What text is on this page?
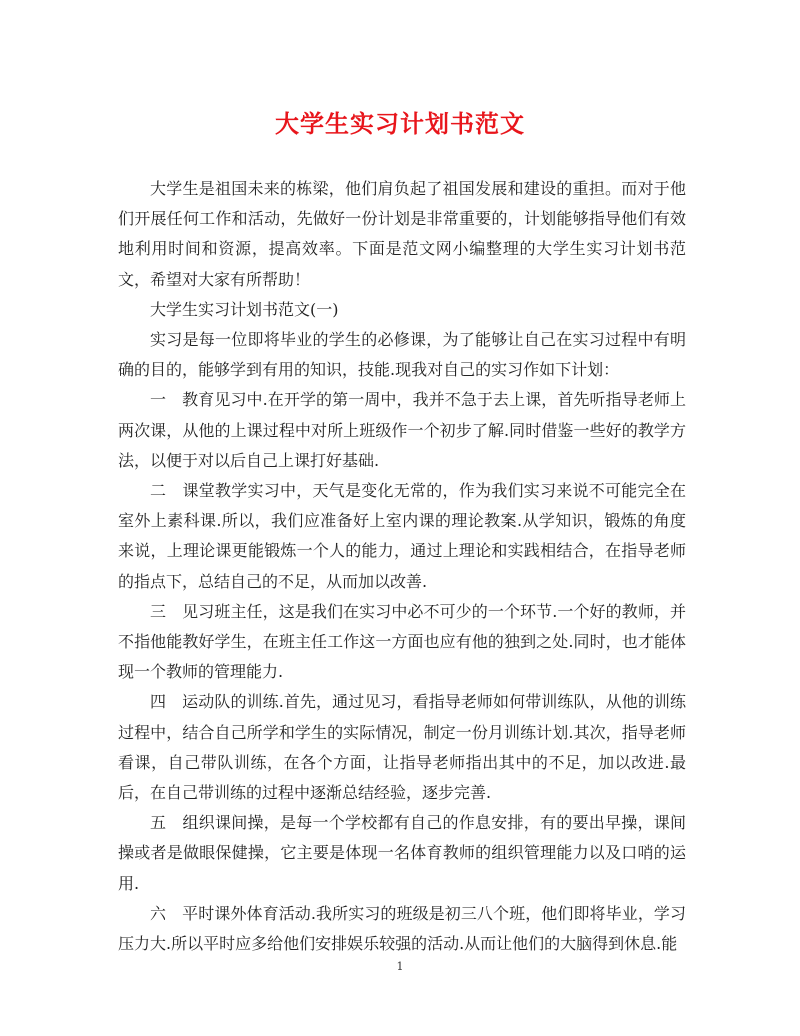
大学生实习计划书范文

大学生是祖国未来的栋梁，他们肩负起了祖国发展和建设的重担。而对于他们开展任何工作和活动，先做好一份计划是非常重要的，计划能够指导他们有效地利用时间和资源，提高效率。下面是范文网小编整理的大学生实习计划书范文，希望对大家有所帮助！

大学生实习计划书范文(一)

实习是每一位即将毕业的学生的必修课，为了能够让自己在实习过程中有明确的目的，能够学到有用的知识，技能.现我对自己的实习作如下计划：

一　教育见习中.在开学的第一周中，我并不急于去上课，首先听指导老师上两次课，从他的上课过程中对所上班级作一个初步了解.同时借鉴一些好的教学方法，以便于对以后自己上课打好基础.

二　课堂教学实习中，天气是变化无常的，作为我们实习来说不可能完全在室外上素科课.所以，我们应准备好上室内课的理论教案.从学知识，锻炼的角度来说，上理论课更能锻炼一个人的能力，通过上理论和实践相结合，在指导老师的指点下，总结自己的不足，从而加以改善.

三　见习班主任，这是我们在实习中必不可少的一个环节.一个好的教师，并不指他能教好学生，在班主任工作这一方面也应有他的独到之处.同时，也才能体现一个教师的管理能力.

四　运动队的训练.首先，通过见习，看指导老师如何带训练队，从他的训练过程中，结合自己所学和学生的实际情况，制定一份月训练计划.其次，指导老师看课，自己带队训练，在各个方面，让指导老师指出其中的不足，加以改进.最后，在自己带训练的过程中逐渐总结经验，逐步完善.

五　组织课间操，是每一个学校都有自己的作息安排，有的要出早操，课间操或者是做眼保健操，它主要是体现一名体育教师的组织管理能力以及口哨的运用.

六　平时课外体育活动.我所实习的班级是初三八个班，他们即将毕业，学习压力大.所以平时应多给他们安排娱乐较强的活动.从而让他们的大脑得到休息.能

1
